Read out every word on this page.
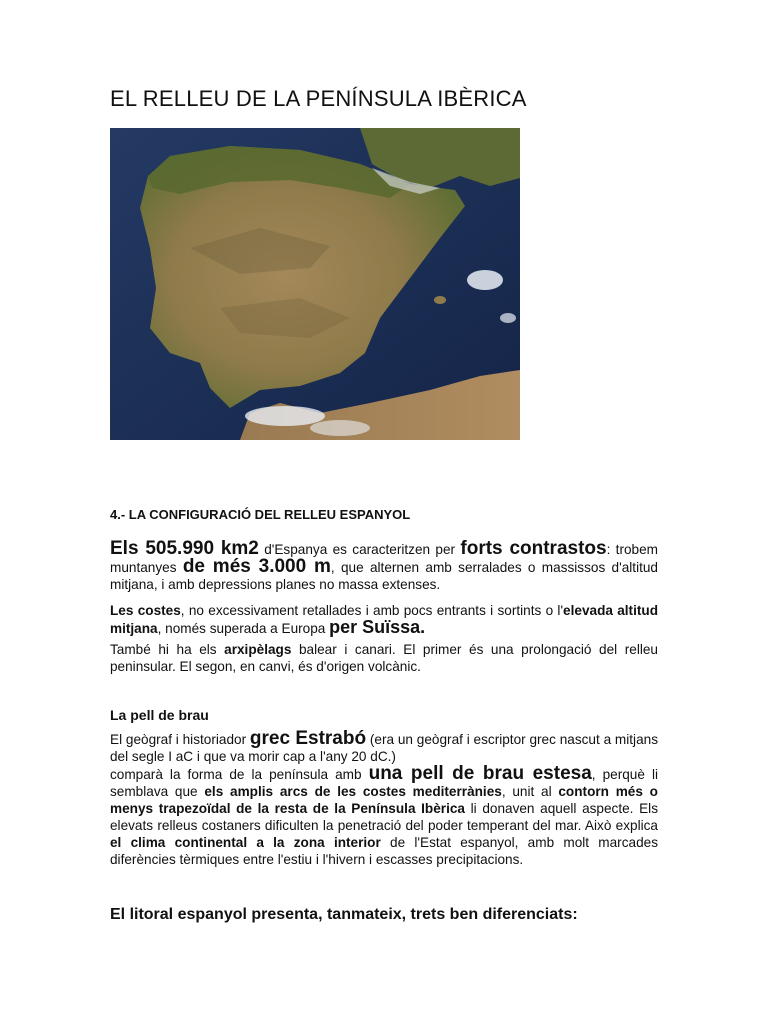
EL RELLEU DE LA PENÍNSULA IBÈRICA
4.- LA CONFIGURACIÓ DEL RELLEU ESPANYOL

Els 505.990 km2 d'Espanya es caracteritzen per forts contrastos: trobem muntanyes de més 3.000 m, que alternen amb serralades o massissos d'altitud mitjana, i amb depressions planes no massa extenses.

Les costes, no excessivament retallades i amb pocs entrants i sortints o l'elevada altitud mitjana, només superada a Europa per Suïssa.

També hi ha els arxipèlags balear i canari. El primer és una prolongació del relleu peninsular. El segon, en canvi, és d'origen volcànic.

La pell de brau

El geògraf i historiador grec Estrabó (era un geògraf i escriptor grec nascut a mitjans del segle I aC i que va morir cap a l'any 20 dC.)
comparà la forma de la península amb una pell de brau estesa, perquè li semblava que els amplis arcs de les costes mediterrànies, unit al contorn més o menys trapezoïdal de la resta de la Península Ibèrica li donaven aquell aspecte. Els elevats relleus costaners dificulten la penetració del poder temperant del mar. Això explica el clima continental a la zona interior de l'Estat espanyol, amb molt marcades diferències tèrmiques entre l'estiu i l'hivern i escasses precipitacions.

El litoral espanyol presenta, tanmateix, trets ben diferenciats:
